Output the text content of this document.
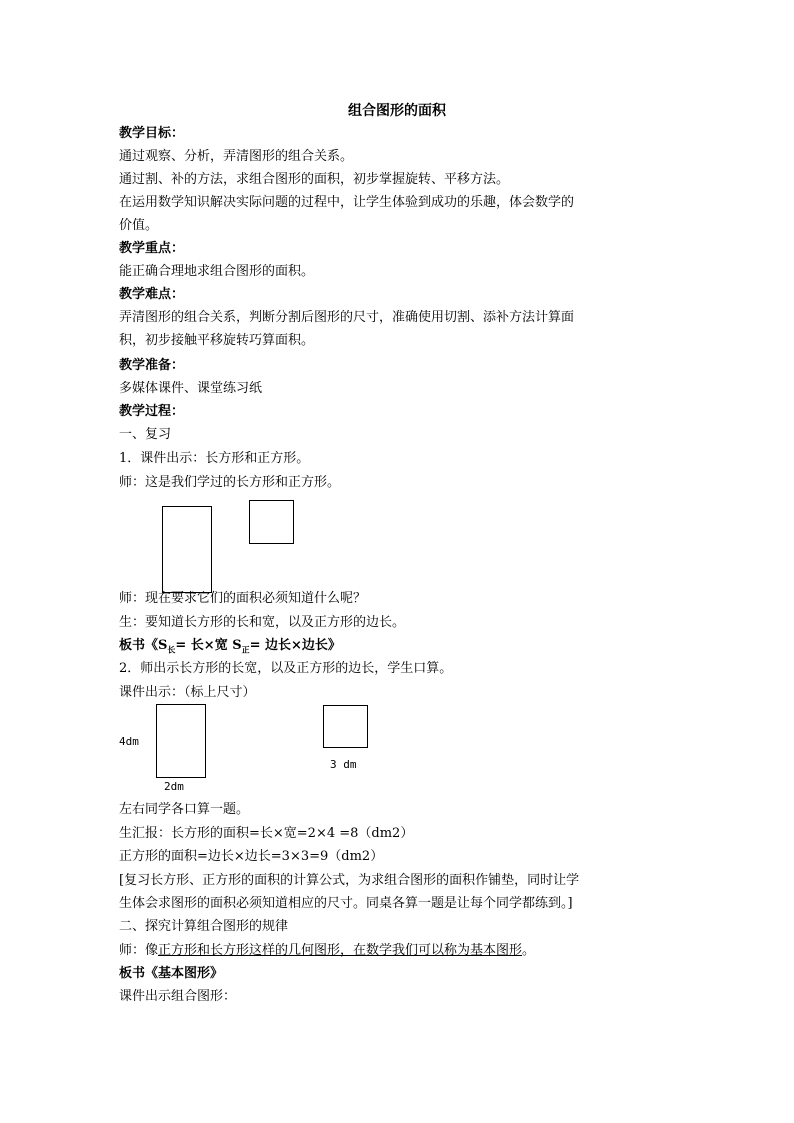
组合图形的面积
教学目标：
通过观察、分析，弄清图形的组合关系。
通过割、补的方法，求组合图形的面积，初步掌握旋转、平移方法。
在运用数学知识解决实际问题的过程中，让学生体验到成功的乐趣，体会数学的
价值。
教学重点：
能正确合理地求组合图形的面积。
教学难点：
弄清图形的组合关系，判断分割后图形的尺寸，准确使用切割、添补方法计算面
积，初步接触平移旋转巧算面积。
教学准备：
多媒体课件、课堂练习纸
教学过程：
一、复习
1．课件出示：长方形和正方形。
师：这是我们学过的长方形和正方形。
师：现在要求它们的面积必须知道什么呢？
生：要知道长方形的长和宽，以及正方形的边长。
板书《$S_长=$ 长×宽 $S_正=$ 边长×边长》
2．师出示长方形的长宽，以及正方形的边长，学生口算。
课件出示：（标上尺寸）
4dm
2dm
3 dm
左右同学各口算一题。
生汇报：长方形的面积=长×宽=2×4 =8（dm2）
正方形的面积=边长×边长=3×3=9（dm2）
[复习长方形、正方形的面积的计算公式，为求组合图形的面积作铺垫，同时让学
生体会求图形的面积必须知道相应的尺寸。同桌各算一题是让每个同学都练到。]
二、探究计算组合图形的规律
师：像正方形和长方形这样的几何图形，在数学我们可以称为基本图形。
板书《基本图形》
课件出示组合图形：
